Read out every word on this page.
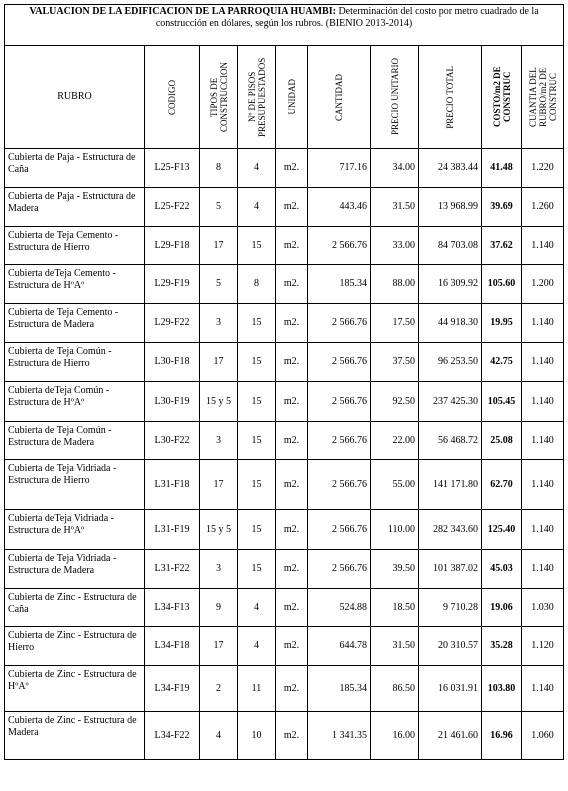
VALUACION DE LA EDIFICACION DE LA PARROQUIA HUAMBI: Determinación del costo por metro cuadrado de la construcción en dólares, según los rubros. (BIENIO 2013-2014)									
RUBRO	CODIGO	TIPOS DE CONSTRUCCION	Nº DE PISOS PRESUPUESTADOS	UNIDAD	CANTIDAD	PRECIO UNITARIO	PRECIO TOTAL	COSTO/m2 DE CONSTRUC	CUANTIA DEL RUBRO/m2 DE CONSTRUC

Cubierta de Paja - Estructura de Caña	L25-F13	8	4	m2.	717.16	34.00	24 383.44	41.48	1.220
Cubierta de Paja - Estructura de Madera	L25-F22	5	4	m2.	443.46	31.50	13 968.99	39.69	1.260
Cubierta de Teja Cemento - Estructura de Hierro	L29-F18	17	15	m2.	2 566.76	33.00	84 703.08	37.62	1.140
Cubierta deTeja Cemento - Estructura de HºAº	L29-F19	5	8	m2.	185.34	88.00	16 309.92	105.60	1.200
Cubierta de Teja Cemento - Estructura de Madera	L29-F22	3	15	m2.	2 566.76	17.50	44 918.30	19.95	1.140
Cubierta de Teja Común - Estructura de Hierro	L30-F18	17	15	m2.	2 566.76	37.50	96 253.50	42.75	1.140
Cubierta deTeja Común - Estructura de HºAº	L30-F19	15 y 5	15	m2.	2 566.76	92.50	237 425.30	105.45	1.140
Cubierta de Teja Común - Estructura de Madera	L30-F22	3	15	m2.	2 566.76	22.00	56 468.72	25.08	1.140
Cubierta de Teja Vidriada - Estructura de Hierro	L31-F18	17	15	m2.	2 566.76	55.00	141 171.80	62.70	1.140
Cubierta deTeja Vidriada - Estructura de HºAº	L31-F19	15 y 5	15	m2.	2 566.76	110.00	282 343.60	125.40	1.140
Cubierta de Teja Vidriada - Estructura de Madera	L31-F22	3	15	m2.	2 566.76	39.50	101 387.02	45.03	1.140
Cubierta de Zinc - Estructura de Caña	L34-F13	9	4	m2.	524.88	18.50	9 710.28	19.06	1.030
Cubierta de Zinc - Estructura de Hierro	L34-F18	17	4	m2.	644.78	31.50	20 310.57	35.28	1.120
Cubierta de Zinc - Estructura de HºAº	L34-F19	2	11	m2.	185.34	86.50	16 031.91	103.80	1.140
Cubierta de Zinc - Estructura de Madera	L34-F22	4	10	m2.	1 341.35	16.00	21 461.60	16.96	1.060
